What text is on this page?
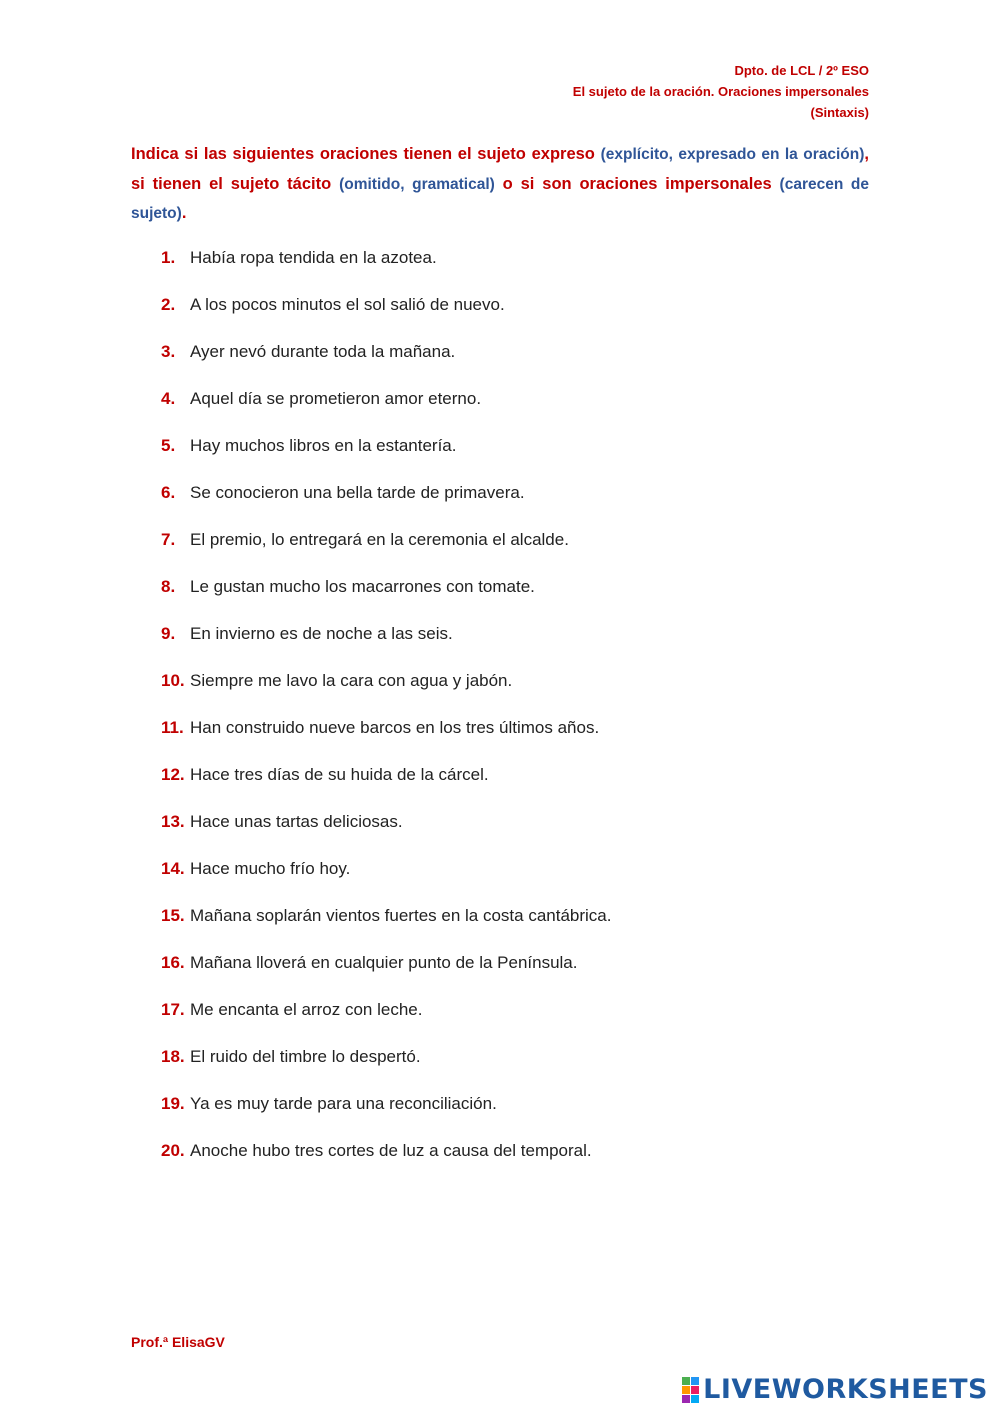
Dpto. de LCL / 2º ESO
El sujeto de la oración. Oraciones impersonales
(Sintaxis)
Indica si las siguientes oraciones tienen el sujeto expreso (explícito, expresado en la oración), si tienen el sujeto tácito (omitido, gramatical) o si son oraciones impersonales (carecen de sujeto).
1. Había ropa tendida en la azotea.
2. A los pocos minutos el sol salió de nuevo.
3. Ayer nevó durante toda la mañana.
4. Aquel día se prometieron amor eterno.
5. Hay muchos libros en la estantería.
6. Se conocieron una bella tarde de primavera.
7. El premio, lo entregará en la ceremonia el alcalde.
8. Le gustan mucho los macarrones con tomate.
9. En invierno es de noche a las seis.
10. Siempre me lavo la cara con agua y jabón.
11. Han construido nueve barcos en los tres últimos años.
12. Hace tres días de su huida de la cárcel.
13. Hace unas tartas deliciosas.
14. Hace mucho frío hoy.
15. Mañana soplarán vientos fuertes en la costa cantábrica.
16. Mañana lloverá en cualquier punto de la Península.
17. Me encanta el arroz con leche.
18. El ruido del timbre lo despertó.
19. Ya es muy tarde para una reconciliación.
20. Anoche hubo tres cortes de luz a causa del temporal.
Prof.ª ElisaGV
LIVEWORKSHEETS
